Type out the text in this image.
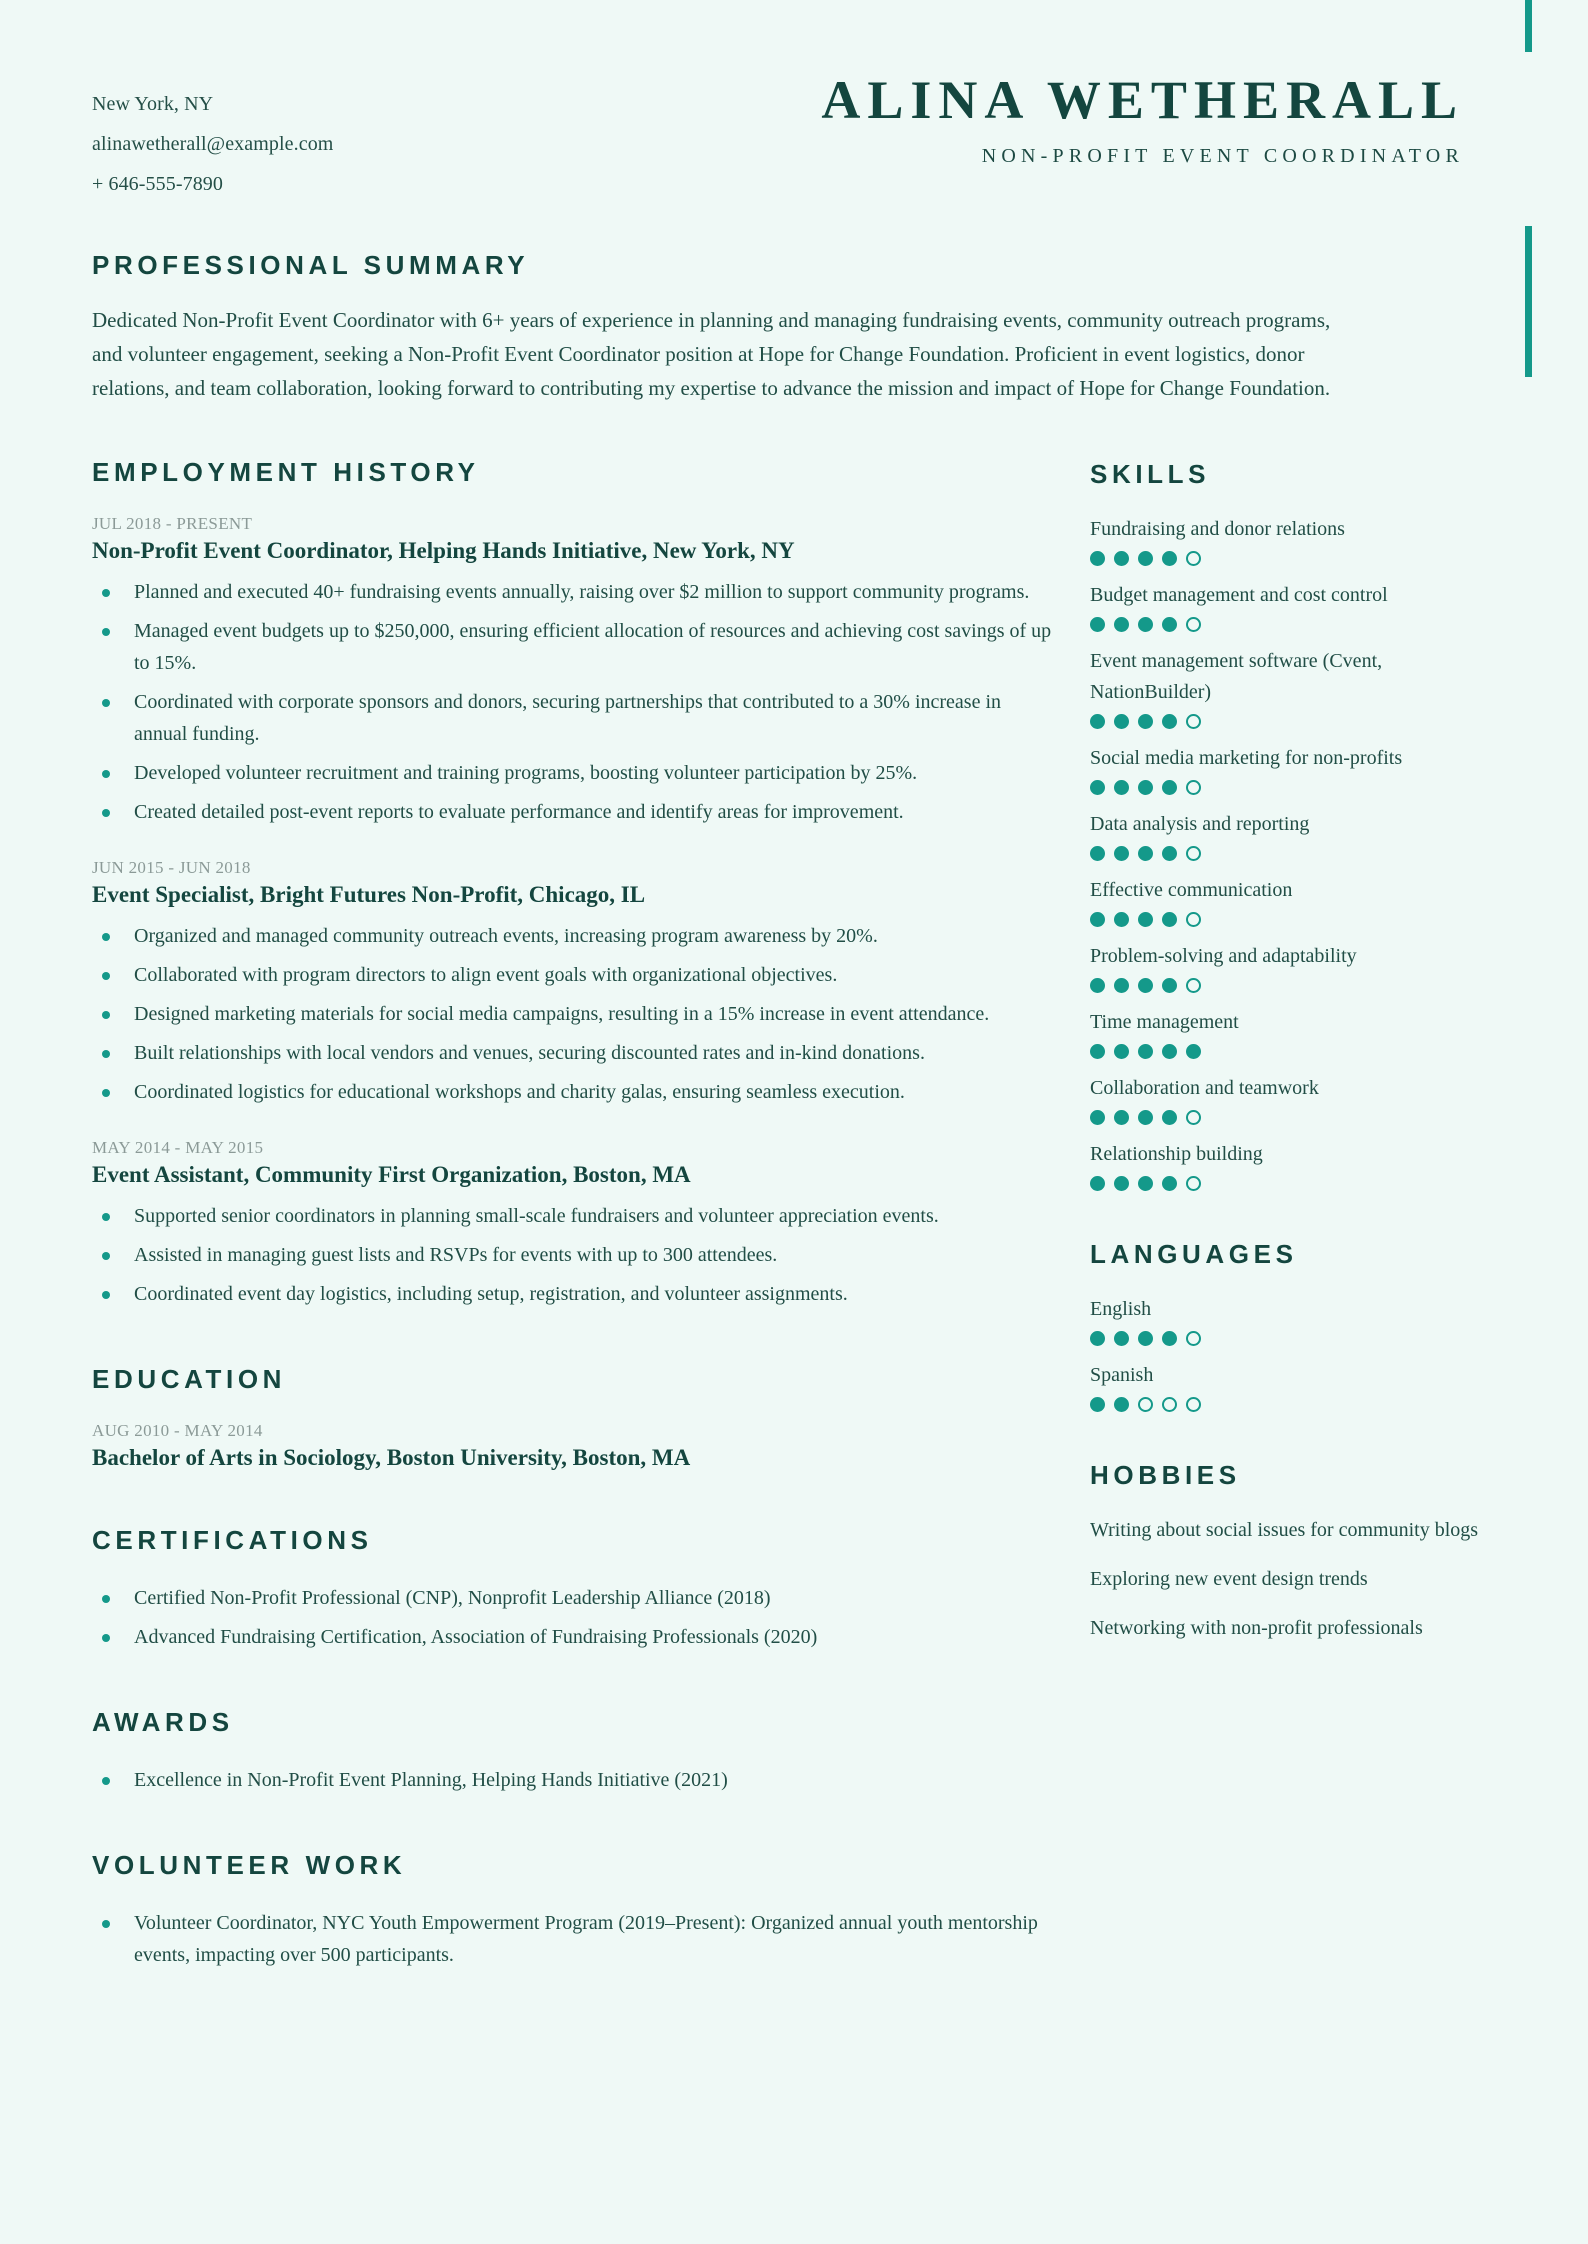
New York, NY
alinawetherall@example.com
+ 646-555-7890
ALINA WETHERALL
NON-PROFIT EVENT COORDINATOR
PROFESSIONAL SUMMARY
Dedicated Non-Profit Event Coordinator with 6+ years of experience in planning and managing fundraising events, community outreach programs, and volunteer engagement, seeking a Non-Profit Event Coordinator position at Hope for Change Foundation. Proficient in event logistics, donor relations, and team collaboration, looking forward to contributing my expertise to advance the mission and impact of Hope for Change Foundation.
EMPLOYMENT HISTORY
JUL 2018 - PRESENT
Non-Profit Event Coordinator, Helping Hands Initiative, New York, NY
Planned and executed 40+ fundraising events annually, raising over $2 million to support community programs.
Managed event budgets up to $250,000, ensuring efficient allocation of resources and achieving cost savings of up to 15%.
Coordinated with corporate sponsors and donors, securing partnerships that contributed to a 30% increase in annual funding.
Developed volunteer recruitment and training programs, boosting volunteer participation by 25%.
Created detailed post-event reports to evaluate performance and identify areas for improvement.
JUN 2015 - JUN 2018
Event Specialist, Bright Futures Non-Profit, Chicago, IL
Organized and managed community outreach events, increasing program awareness by 20%.
Collaborated with program directors to align event goals with organizational objectives.
Designed marketing materials for social media campaigns, resulting in a 15% increase in event attendance.
Built relationships with local vendors and venues, securing discounted rates and in-kind donations.
Coordinated logistics for educational workshops and charity galas, ensuring seamless execution.
MAY 2014 - MAY 2015
Event Assistant, Community First Organization, Boston, MA
Supported senior coordinators in planning small-scale fundraisers and volunteer appreciation events.
Assisted in managing guest lists and RSVPs for events with up to 300 attendees.
Coordinated event day logistics, including setup, registration, and volunteer assignments.
EDUCATION
AUG 2010 - MAY 2014
Bachelor of Arts in Sociology, Boston University, Boston, MA
CERTIFICATIONS
Certified Non-Profit Professional (CNP), Nonprofit Leadership Alliance (2018)
Advanced Fundraising Certification, Association of Fundraising Professionals (2020)
AWARDS
Excellence in Non-Profit Event Planning, Helping Hands Initiative (2021)
VOLUNTEER WORK
Volunteer Coordinator, NYC Youth Empowerment Program (2019–Present): Organized annual youth mentorship events, impacting over 500 participants.
SKILLS
Fundraising and donor relations
Budget management and cost control
Event management software (Cvent, NationBuilder)
Social media marketing for non-profits
Data analysis and reporting
Effective communication
Problem-solving and adaptability
Time management
Collaboration and teamwork
Relationship building
LANGUAGES
English
Spanish
HOBBIES
Writing about social issues for community blogs
Exploring new event design trends
Networking with non-profit professionals
